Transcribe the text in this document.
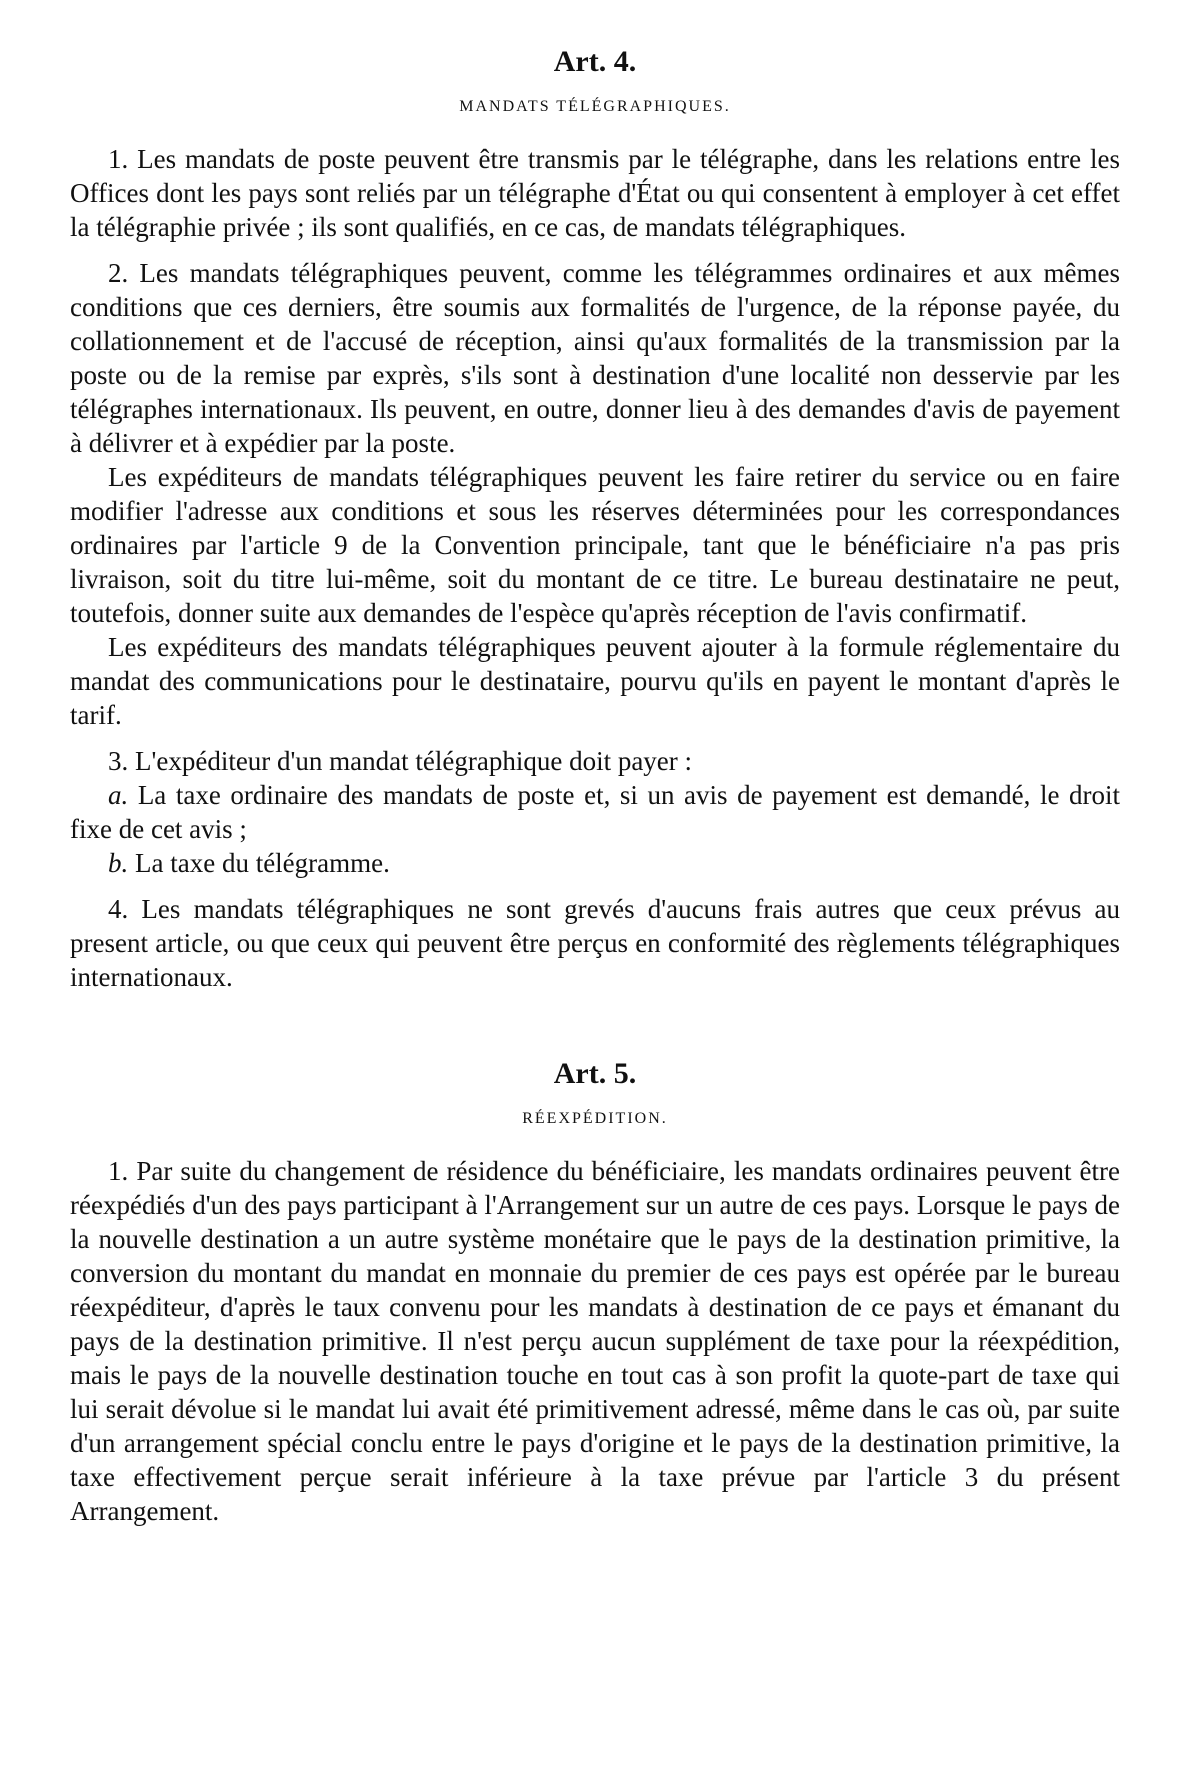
Art. 4.
MANDATS TÉLÉGRAPHIQUES.

1. Les mandats de poste peuvent être transmis par le télégraphe, dans les relations entre les Offices dont les pays sont reliés par un télégraphe d'État ou qui consentent à employer à cet effet la télégraphie privée ; ils sont qualifiés, en ce cas, de mandats télégraphiques.

2. Les mandats télégraphiques peuvent, comme les télégrammes ordinaires et aux mêmes conditions que ces derniers, être soumis aux formalités de l'urgence, de la réponse payée, du collationnement et de l'accusé de réception, ainsi qu'aux formalités de la transmission par la poste ou de la remise par exprès, s'ils sont à destination d'une localité non desservie par les télégraphes internationaux. Ils peuvent, en outre, donner lieu à des demandes d'avis de payement à délivrer et à expédier par la poste.

Les expéditeurs de mandats télégraphiques peuvent les faire retirer du service ou en faire modifier l'adresse aux conditions et sous les réserves déterminées pour les correspondances ordinaires par l'article 9 de la Convention principale, tant que le bénéficiaire n'a pas pris livraison, soit du titre lui-même, soit du montant de ce titre. Le bureau destinataire ne peut, toutefois, donner suite aux demandes de l'espèce qu'après réception de l'avis confirmatif.

Les expéditeurs des mandats télégraphiques peuvent ajouter à la formule réglementaire du mandat des communications pour le destinataire, pourvu qu'ils en payent le montant d'après le tarif.

3. L'expéditeur d'un mandat télégraphique doit payer :

a. La taxe ordinaire des mandats de poste et, si un avis de payement est demandé, le droit fixe de cet avis ;

b. La taxe du télégramme.

4. Les mandats télégraphiques ne sont grevés d'aucuns frais autres que ceux prévus au present article, ou que ceux qui peuvent être perçus en conformité des règlements télégraphiques internationaux.

Art. 5.
RÉEXPÉDITION.

1. Par suite du changement de résidence du bénéficiaire, les mandats ordinaires peuvent être réexpédiés d'un des pays participant à l'Arrangement sur un autre de ces pays. Lorsque le pays de la nouvelle destination a un autre système monétaire que le pays de la destination primitive, la conversion du montant du mandat en monnaie du premier de ces pays est opérée par le bureau réexpéditeur, d'après le taux convenu pour les mandats à destination de ce pays et émanant du pays de la destination primitive. Il n'est perçu aucun supplément de taxe pour la réexpédition, mais le pays de la nouvelle destination touche en tout cas à son profit la quote-part de taxe qui lui serait dévolue si le mandat lui avait été primitivement adressé, même dans le cas où, par suite d'un arrangement spécial conclu entre le pays d'origine et le pays de la destination primitive, la taxe effectivement perçue serait inférieure à la taxe prévue par l'article 3 du présent Arrangement.
